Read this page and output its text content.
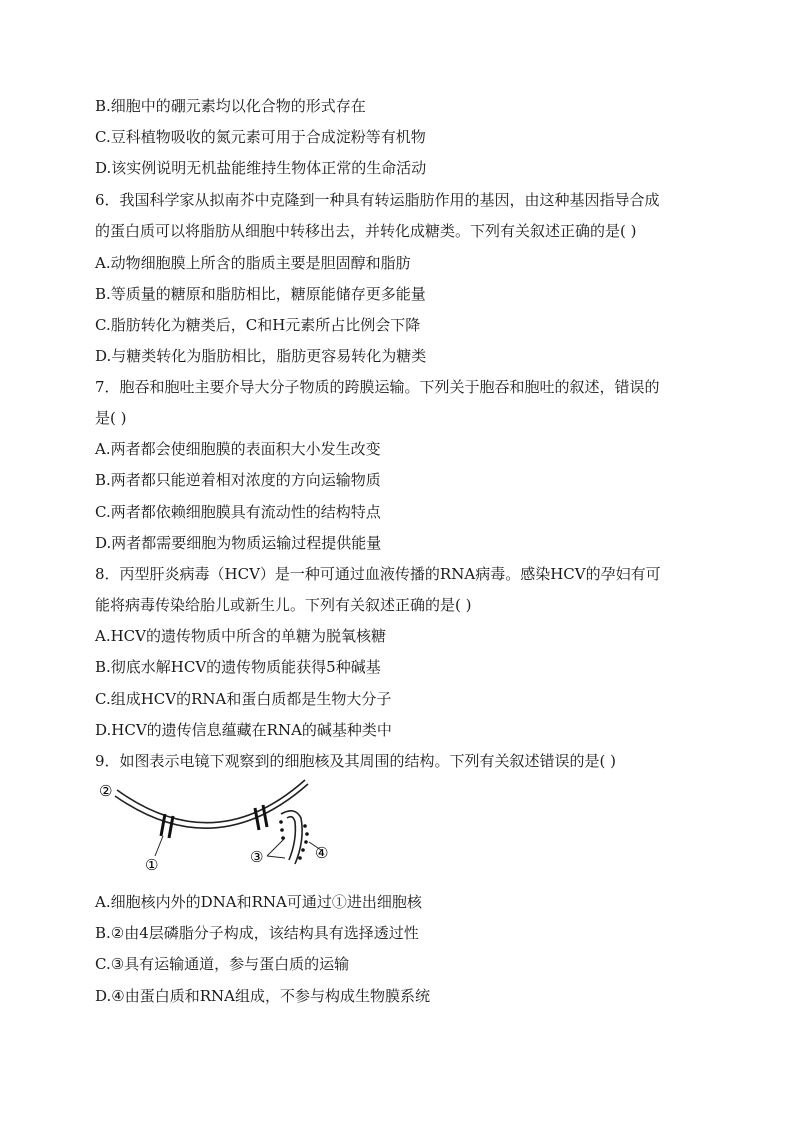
B.细胞中的硼元素均以化合物的形式存在
C.豆科植物吸收的氮元素可用于合成淀粉等有机物
D.该实例说明无机盐能维持生物体正常的生命活动
6．我国科学家从拟南芥中克隆到一种具有转运脂肪作用的基因，由这种基因指导合成
的蛋白质可以将脂肪从细胞中转移出去，并转化成糖类。下列有关叙述正确的是( )
A.动物细胞膜上所含的脂质主要是胆固醇和脂肪
B.等质量的糖原和脂肪相比，糖原能储存更多能量
C.脂肪转化为糖类后，C和H元素所占比例会下降
D.与糖类转化为脂肪相比，脂肪更容易转化为糖类
7．胞吞和胞吐主要介导大分子物质的跨膜运输。下列关于胞吞和胞吐的叙述，错误的
是( )
A.两者都会使细胞膜的表面积大小发生改变
B.两者都只能逆着相对浓度的方向运输物质
C.两者都依赖细胞膜具有流动性的结构特点
D.两者都需要细胞为物质运输过程提供能量
8．丙型肝炎病毒（HCV）是一种可通过血液传播的RNA病毒。感染HCV的孕妇有可
能将病毒传染给胎儿或新生儿。下列有关叙述正确的是( )
A.HCV的遗传物质中所含的单糖为脱氧核糖
B.彻底水解HCV的遗传物质能获得5种碱基
C.组成HCV的RNA和蛋白质都是生物大分子
D.HCV的遗传信息蕴藏在RNA的碱基种类中
9．如图表示电镜下观察到的细胞核及其周围的结构。下列有关叙述错误的是( )
②
①	③	④
A.细胞核内外的DNA和RNA可通过①进出细胞核
B.②由4层磷脂分子构成，该结构具有选择透过性
C.③具有运输通道，参与蛋白质的运输
D.④由蛋白质和RNA组成，不参与构成生物膜系统
